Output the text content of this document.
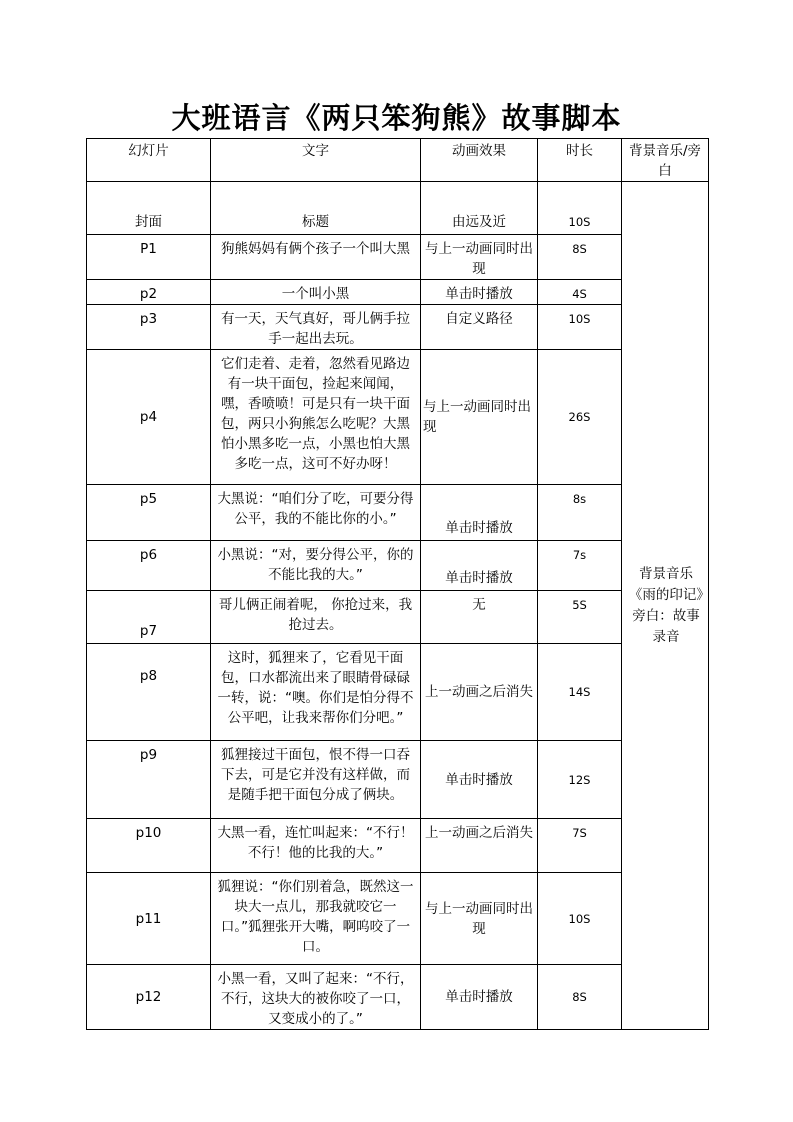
大班语言《两只笨狗熊》故事脚本
幻灯片	文字	动画效果	时长	背景音乐/旁白
封面	标题	由远及近	10S	背景音乐《雨的印记》旁白：故事录音

P1	狗熊妈妈有俩个孩子一个叫大黑	与上一动画同时出现	8S	
p2	一个叫小黑	单击时播放	4S	
p3	有一天，天气真好，哥儿俩手拉手一起出去玩。	自定义路径	10S	
p4	它们走着、走着，忽然看见路边有一块干面包，捡起来闻闻，嘿，香喷喷！可是只有一块干面包，两只小狗熊怎么吃呢？大黑怕小黑多吃一点，小黑也怕大黑多吃一点，这可不好办呀！	与上一动画同时出现	26S	
p5	大黑说：“咱们分了吃，可要分得公平，我的不能比你的小。”	单击时播放	8s	
p6	小黑说：“对，要分得公平，你的不能比我的大。”	单击时播放	7s	
p7	哥儿俩正闹着呢， 你抢过来，我抢过去。	无	5S	
p8	这时，狐狸来了，它看见干面包，口水都流出来了眼睛骨碌碌一转，说：“噢。你们是怕分得不公平吧，让我来帮你们分吧。”	上一动画之后消失	14S	
p9	狐狸接过干面包，恨不得一口吞下去，可是它并没有这样做，而是随手把干面包分成了俩块。	单击时播放	12S	
p10	大黑一看，连忙叫起来：“不行！不行！他的比我的大。”	上一动画之后消失	7S	
p11	狐狸说：“你们别着急，既然这一块大一点儿，那我就咬它一口。”狐狸张开大嘴，啊呜咬了一口。	与上一动画同时出现	10S	
p12	小黑一看，又叫了起来：“不行，不行，这块大的被你咬了一口，又变成小的了。”	单击时播放	8S	
